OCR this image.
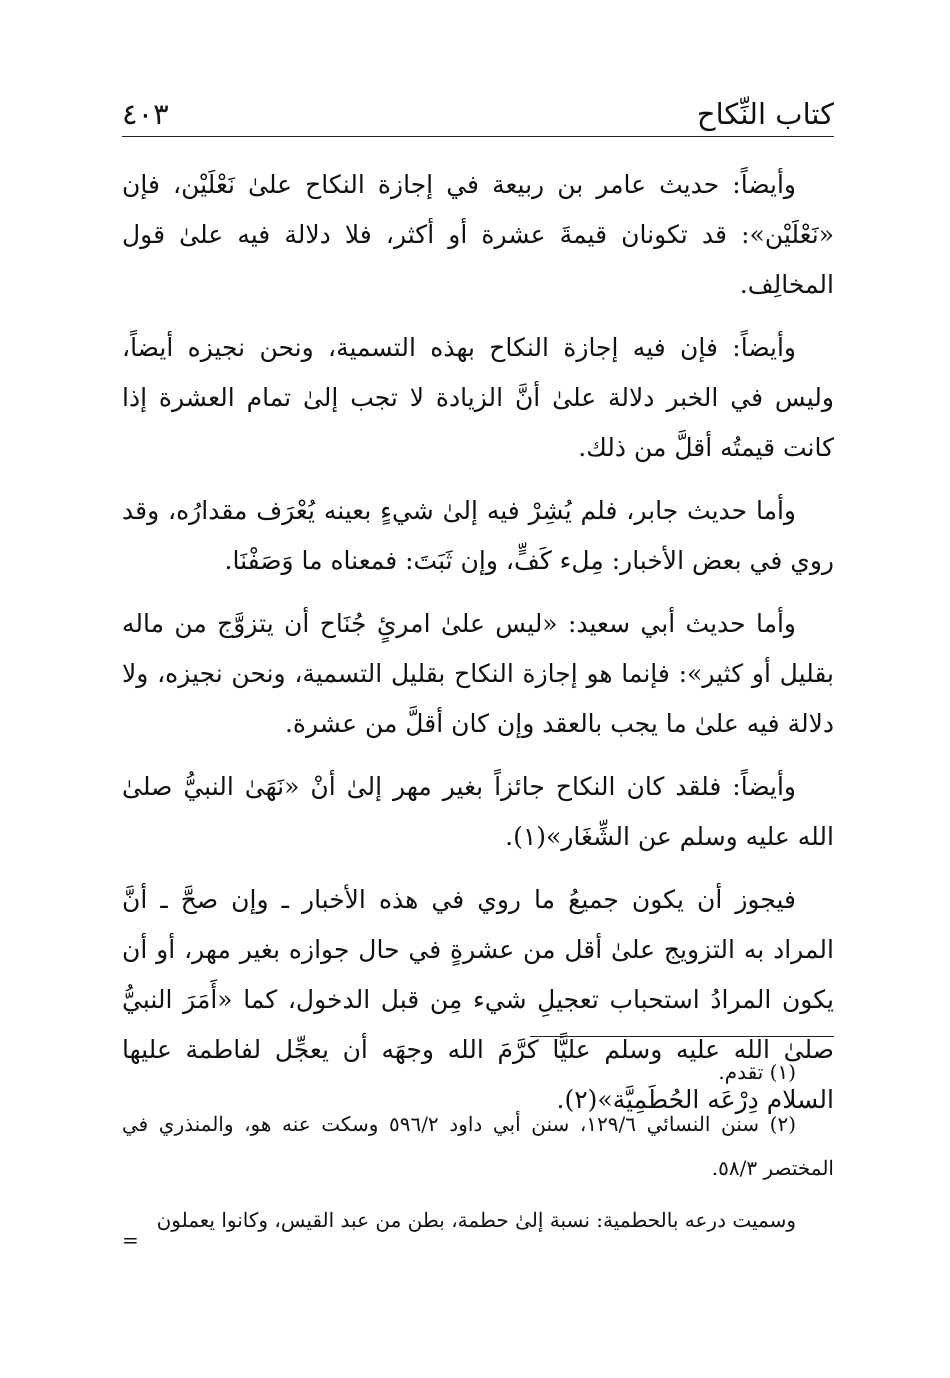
كتاب النِّكاح
٤٠٣

وأيضاً: حديث عامر بن ربيعة في إجازة النكاح علىٰ نَعْلَيْن، فإن «نَعْلَيْن»: قد تكونان قيمةَ عشرة أو أكثر، فلا دلالة فيه علىٰ قول المخالِف.

وأيضاً: فإن فيه إجازة النكاح بهذه التسمية، ونحن نجيزه أيضاً، وليس في الخبر دلالة علىٰ أنَّ الزيادة لا تجب إلىٰ تمام العشرة إذا كانت قيمتُه أقلَّ من ذلك.

وأما حديث جابر، فلم يُشِرْ فيه إلىٰ شيءٍ بعينه يُعْرَف مقدارُه، وقد روي في بعض الأخبار: مِلء كَفٍّ، وإن ثَبَتَ: فمعناه ما وَصَفْنَا.

وأما حديث أبي سعيد: «ليس علىٰ امرئٍ جُنَاح أن يتزوَّج من ماله بقليل أو كثير»: فإنما هو إجازة النكاح بقليل التسمية، ونحن نجيزه، ولا دلالة فيه علىٰ ما يجب بالعقد وإن كان أقلَّ من عشرة.

وأيضاً: فلقد كان النكاح جائزاً بغير مهر إلىٰ أنْ «نَهَىٰ النبيُّ صلىٰ الله عليه وسلم عن الشِّغَار»(١).

فيجوز أن يكون جميعُ ما روي في هذه الأخبار ـ وإن صحَّ ـ أنَّ المراد به التزويج علىٰ أقل من عشرةٍ في حال جوازه بغير مهر، أو أن يكون المرادُ استحباب تعجيلِ شيء مِن قبل الدخول، كما «أَمَرَ النبيُّ صلىٰ الله عليه وسلم عليًّا كرَّمَ الله وجهَه أن يعجِّل لفاطمة عليها السلام دِرْعَه الحُطَمِيَّة»(٢).

(١) تقدم.

(٢) سنن النسائي ١٢٩/٦، سنن أبي داود ٥٩٦/٢ وسكت عنه هو، والمنذري في المختصر ٥٨/٣.

وسميت درعه بالحطمية: نسبة إلىٰ حطمة، بطن من عبد القيس، وكانوا يعملون

=
